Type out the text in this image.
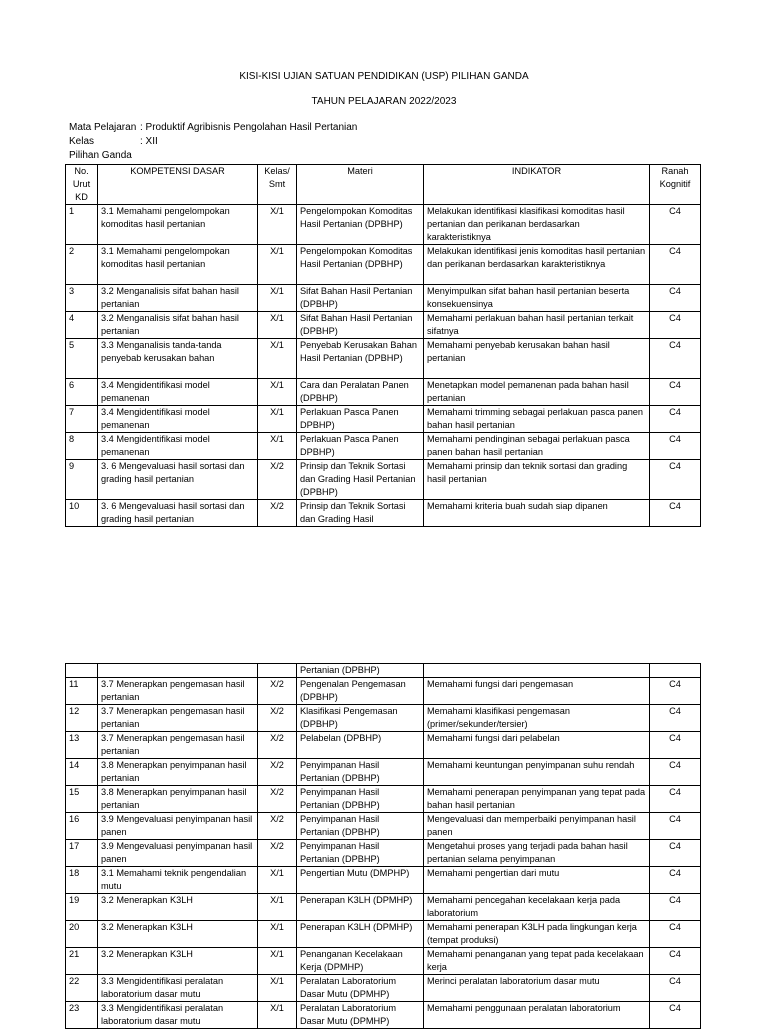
KISI-KISI UJIAN SATUAN PENDIDIKAN (USP) PILIHAN GANDA
TAHUN PELAJARAN 2022/2023
Mata Pelajaran : Produktif Agribisnis Pengolahan Hasil Pertanian
Kelas	: XII
Pilihan Ganda
No. Urut KD	KOMPETENSI DASAR	Kelas/ Smt	Materi	INDIKATOR	Ranah Kognitif
1	3.1 Memahami pengelompokan komoditas hasil pertanian	X/1	Pengelompokan Komoditas Hasil Pertanian (DPBHP)	Melakukan identifikasi klasifikasi komoditas hasil pertanian dan perikanan berdasarkan karakteristiknya	C4
2	3.1 Memahami pengelompokan komoditas hasil pertanian	X/1	Pengelompokan Komoditas Hasil Pertanian (DPBHP)	Melakukan identifikasi jenis komoditas hasil pertanian dan perikanan berdasarkan karakteristiknya	C4
3	3.2 Menganalisis sifat bahan hasil pertanian	X/1	Sifat Bahan Hasil Pertanian (DPBHP)	Menyimpulkan sifat bahan hasil pertanian beserta konsekuensinya	C4
4	3.2 Menganalisis sifat bahan hasil pertanian	X/1	Sifat Bahan Hasil Pertanian (DPBHP)	Memahami perlakuan bahan hasil pertanian terkait sifatnya	C4
5	3.3 Menganalisis tanda-tanda penyebab kerusakan bahan	X/1	Penyebab Kerusakan Bahan Hasil Pertanian (DPBHP)	Memahami penyebab kerusakan bahan hasil pertanian	C4
6	3.4 Mengidentifikasi model pemanenan	X/1	Cara dan Peralatan Panen (DPBHP)	Menetapkan model pemanenan pada bahan hasil pertanian	C4
7	3.4 Mengidentifikasi model pemanenan	X/1	Perlakuan Pasca Panen DPBHP)	Memahami trimming sebagai perlakuan pasca panen bahan hasil pertanian	C4
8	3.4 Mengidentifikasi model pemanenan	X/1	Perlakuan Pasca Panen DPBHP)	Memahami pendinginan sebagai perlakuan pasca panen bahan hasil pertanian	C4
9	3. 6 Mengevaluasi hasil sortasi dan grading hasil pertanian	X/2	Prinsip dan Teknik Sortasi dan Grading Hasil Pertanian (DPBHP)	Memahami prinsip dan teknik sortasi dan grading hasil pertanian	C4
10	3. 6 Mengevaluasi hasil sortasi dan grading hasil pertanian	X/2	Prinsip dan Teknik Sortasi dan Grading Hasil	Memahami kriteria buah sudah siap dipanen	C4
			Pertanian (DPBHP)		
11	3.7 Menerapkan pengemasan hasil pertanian	X/2	Pengenalan Pengemasan (DPBHP)	Memahami fungsi dari pengemasan	C4
12	3.7 Menerapkan pengemasan hasil pertanian	X/2	Klasifikasi Pengemasan (DPBHP)	Memahami klasifikasi pengemasan (primer/sekunder/tersier)	C4
13	3.7 Menerapkan pengemasan hasil pertanian	X/2	Pelabelan (DPBHP)	Memahami fungsi dari pelabelan	C4
14	3.8 Menerapkan penyimpanan hasil pertanian	X/2	Penyimpanan Hasil Pertanian (DPBHP)	Memahami keuntungan penyimpanan suhu rendah	C4
15	3.8 Menerapkan penyimpanan hasil pertanian	X/2	Penyimpanan Hasil Pertanian (DPBHP)	Memahami penerapan penyimpanan yang tepat pada bahan hasil pertanian	C4
16	3.9 Mengevaluasi penyimpanan hasil panen	X/2	Penyimpanan Hasil Pertanian (DPBHP)	Mengevaluasi dan memperbaiki penyimpanan hasil panen	C4
17	3.9 Mengevaluasi penyimpanan hasil panen	X/2	Penyimpanan Hasil Pertanian (DPBHP)	Mengetahui proses yang terjadi pada bahan hasil pertanian selama penyimpanan	C4
18	3.1 Memahami teknik pengendalian mutu	X/1	Pengertian Mutu (DMPHP)	Memahami pengertian dari mutu	C4
19	3.2 Menerapkan K3LH	X/1	Penerapan K3LH (DPMHP)	Memahami pencegahan kecelakaan kerja pada laboratorium	C4
20	3.2 Menerapkan K3LH	X/1	Penerapan K3LH (DPMHP)	Memahami penerapan K3LH pada lingkungan kerja (tempat produksi)	C4
21	3.2 Menerapkan K3LH	X/1	Penanganan Kecelakaan Kerja (DPMHP)	Memahami penanganan yang tepat pada kecelakaan kerja	C4
22	3.3 Mengidentifikasi peralatan laboratorium dasar mutu	X/1	Peralatan Laboratorium Dasar Mutu (DPMHP)	Merinci peralatan laboratorium dasar mutu	C4
23	3.3 Mengidentifikasi peralatan laboratorium dasar mutu	X/1	Peralatan Laboratorium Dasar Mutu (DPMHP)	Memahami penggunaan peralatan laboratorium	C4
